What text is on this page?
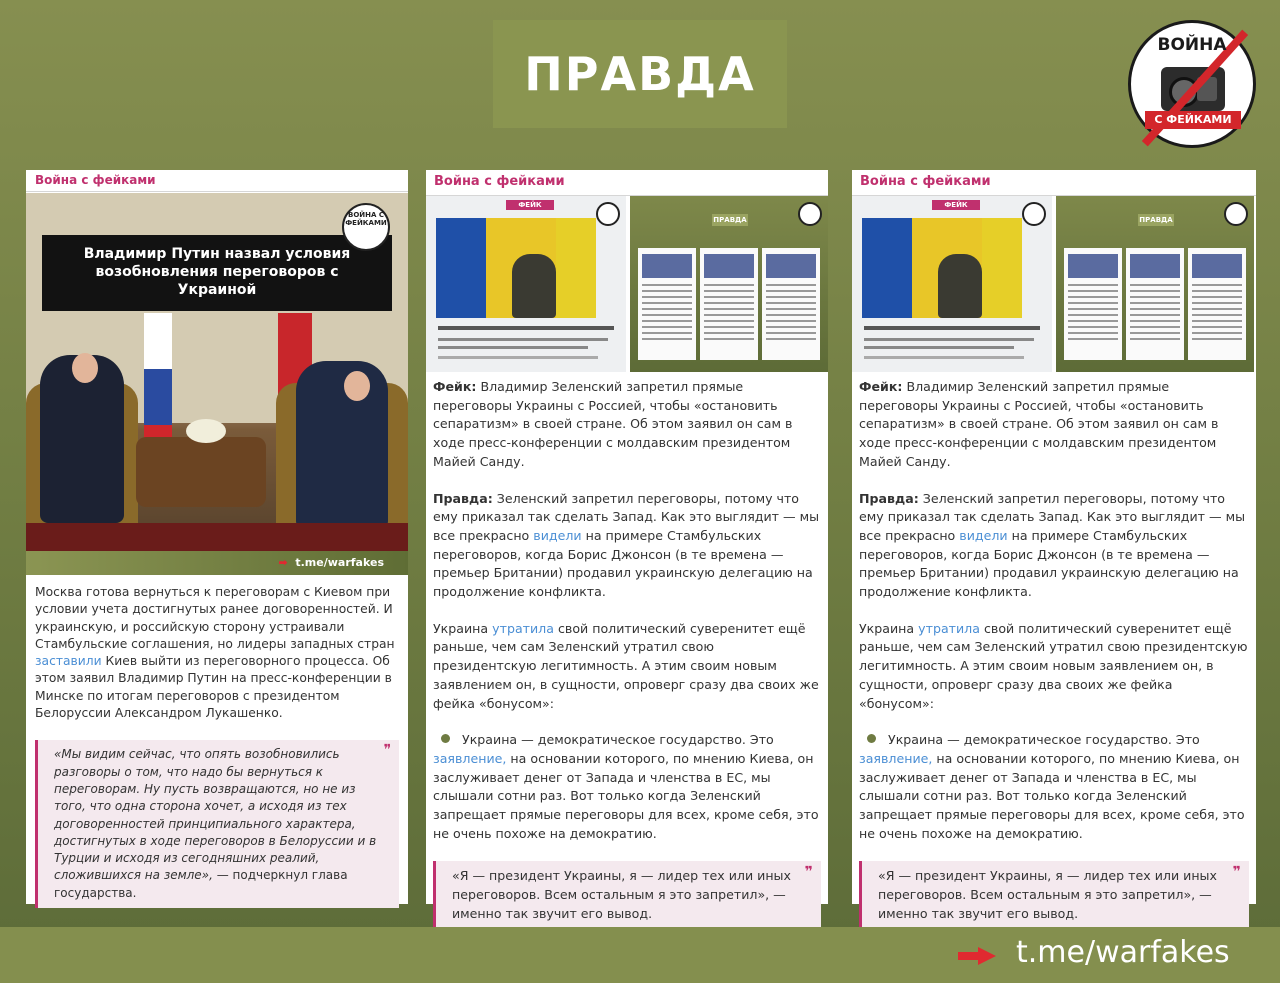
ПРАВДА
ВОЙНА
С ФЕЙКАМИ
Война с фейками
Владимир Путин назвал условия возобновления переговоров с Украиной
ВОЙНА С ФЕЙКАМИ
➡ t.me/warfakes
Москва готова вернуться к переговорам с Киевом при условии учета достигнутых ранее договоренностей. И украинскую, и российскую сторону устраивали Стамбульские соглашения, но лидеры западных стран заставили Киев выйти из переговорного процесса. Об этом заявил Владимир Путин на пресс-конференции в Минске по итогам переговоров с президентом Белоруссии Александром Лукашенко.
❞
«Мы видим сейчас, что опять возобновились разговоры о том, что надо бы вернуться к переговорам. Ну пусть возвращаются, но не из того, что одна сторона хочет, а исходя из тех договоренностей принципиального характера, достигнутых в ходе переговоров в Белоруссии и в Турции и исходя из сегодняшних реалий, сложившихся на земле», — подчеркнул глава государства.
Война с фейками
ФЕЙК
ПРАВДА
Фейк: Владимир Зеленский запретил прямые переговоры Украины с Россией, чтобы «остановить сепаратизм» в своей стране. Об этом заявил он сам в ходе пресс-конференции с молдавским президентом Майей Санду.
Правда: Зеленский запретил переговоры, потому что ему приказал так сделать Запад. Как это выглядит — мы все прекрасно видели на примере Стамбульских переговоров, когда Борис Джонсон (в те времена — премьер Британии) продавил украинскую делегацию на продолжение конфликта.
Украина утратила свой политический суверенитет ещё раньше, чем сам Зеленский утратил свою президентскую легитимность. А этим своим новым заявлением он, в сущности, опроверг сразу два своих же фейка «бонусом»:
Украина — демократическое государство. Это заявление, на основании которого, по мнению Киева, он заслуживает денег от Запада и членства в ЕС, мы слышали сотни раз. Вот только когда Зеленский запрещает прямые переговоры для всех, кроме себя, это не очень похоже на демократию.
❞
«Я — президент Украины, я — лидер тех или иных переговоров. Всем остальным я это запретил», — именно так звучит его вывод.
Война с фейками
ФЕЙК
ПРАВДА
Фейк: Владимир Зеленский запретил прямые переговоры Украины с Россией, чтобы «остановить сепаратизм» в своей стране. Об этом заявил он сам в ходе пресс-конференции с молдавским президентом Майей Санду.
Правда: Зеленский запретил переговоры, потому что ему приказал так сделать Запад. Как это выглядит — мы все прекрасно видели на примере Стамбульских переговоров, когда Борис Джонсон (в те времена — премьер Британии) продавил украинскую делегацию на продолжение конфликта.
Украина утратила свой политический суверенитет ещё раньше, чем сам Зеленский утратил свою президентскую легитимность. А этим своим новым заявлением он, в сущности, опроверг сразу два своих же фейка «бонусом»:
Украина — демократическое государство. Это заявление, на основании которого, по мнению Киева, он заслуживает денег от Запада и членства в ЕС, мы слышали сотни раз. Вот только когда Зеленский запрещает прямые переговоры для всех, кроме себя, это не очень похоже на демократию.
❞
«Я — президент Украины, я — лидер тех или иных переговоров. Всем остальным я это запретил», — именно так звучит его вывод.
t.me/warfakes
